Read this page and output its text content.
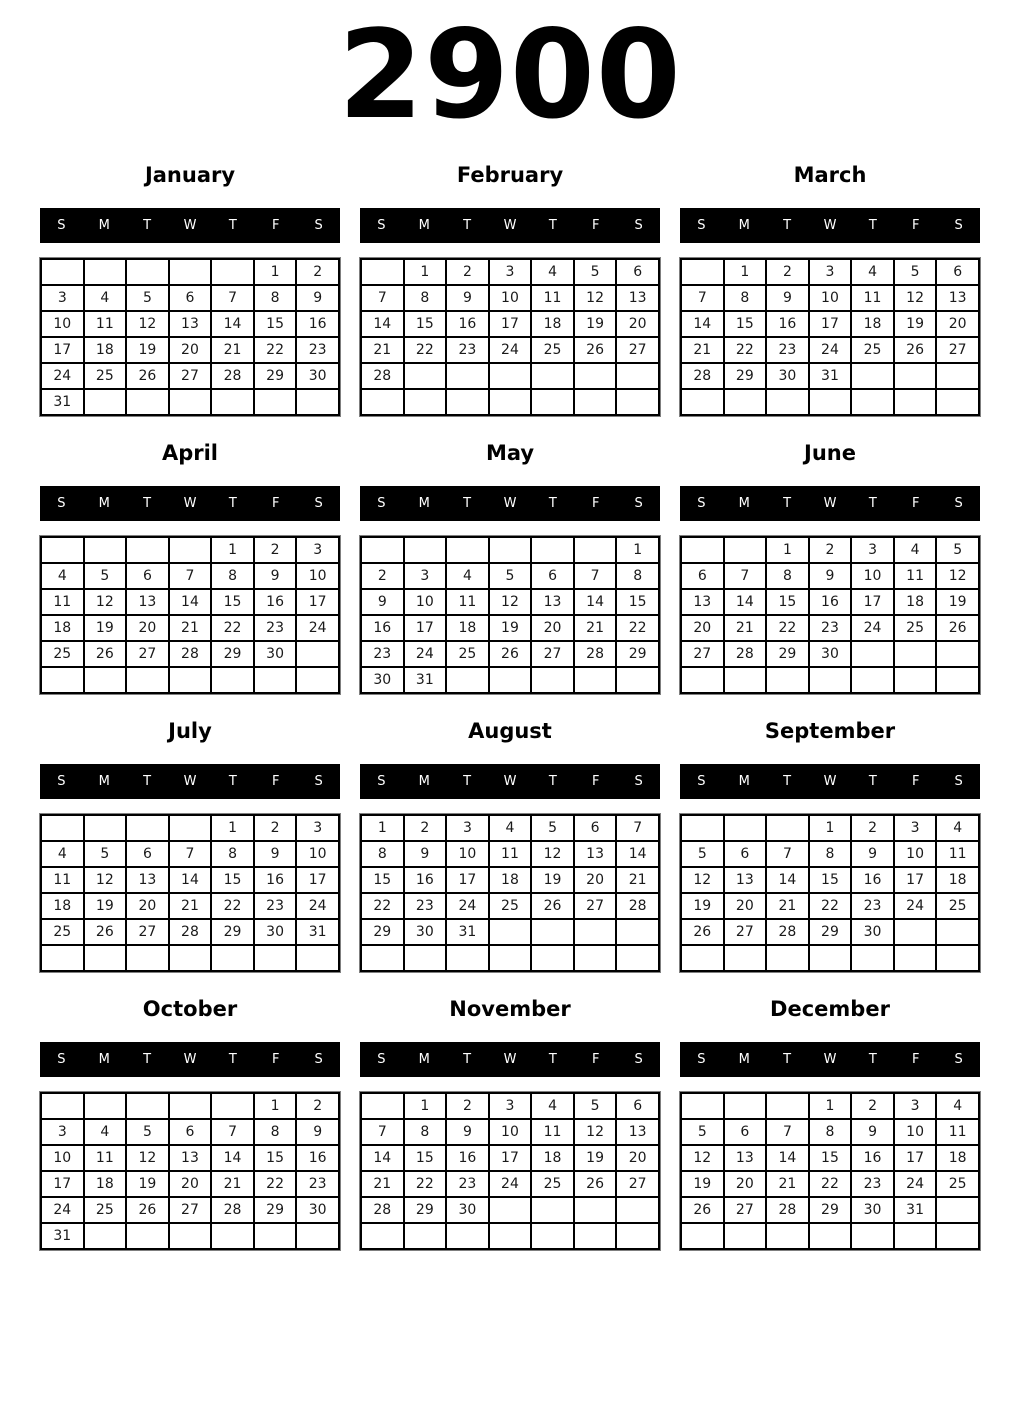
2900
January
S	M	T	W	T	F	S
					1	2
3	4	5	6	7	8	9
10	11	12	13	14	15	16
17	18	19	20	21	22	23
24	25	26	27	28	29	30
31						
February
S	M	T	W	T	F	S
	1	2	3	4	5	6
7	8	9	10	11	12	13
14	15	16	17	18	19	20
21	22	23	24	25	26	27
28						

March
S	M	T	W	T	F	S
	1	2	3	4	5	6
7	8	9	10	11	12	13
14	15	16	17	18	19	20
21	22	23	24	25	26	27
28	29	30	31			

April
S	M	T	W	T	F	S
				1	2	3
4	5	6	7	8	9	10
11	12	13	14	15	16	17
18	19	20	21	22	23	24
25	26	27	28	29	30	

May
S	M	T	W	T	F	S
						1
2	3	4	5	6	7	8
9	10	11	12	13	14	15
16	17	18	19	20	21	22
23	24	25	26	27	28	29
30	31					
June
S	M	T	W	T	F	S
		1	2	3	4	5
6	7	8	9	10	11	12
13	14	15	16	17	18	19
20	21	22	23	24	25	26
27	28	29	30			

July
S	M	T	W	T	F	S
				1	2	3
4	5	6	7	8	9	10
11	12	13	14	15	16	17
18	19	20	21	22	23	24
25	26	27	28	29	30	31

August
S	M	T	W	T	F	S
1	2	3	4	5	6	7
8	9	10	11	12	13	14
15	16	17	18	19	20	21
22	23	24	25	26	27	28
29	30	31				

September
S	M	T	W	T	F	S
			1	2	3	4
5	6	7	8	9	10	11
12	13	14	15	16	17	18
19	20	21	22	23	24	25
26	27	28	29	30		

October
S	M	T	W	T	F	S
					1	2
3	4	5	6	7	8	9
10	11	12	13	14	15	16
17	18	19	20	21	22	23
24	25	26	27	28	29	30
31						
November
S	M	T	W	T	F	S
	1	2	3	4	5	6
7	8	9	10	11	12	13
14	15	16	17	18	19	20
21	22	23	24	25	26	27
28	29	30				

December
S	M	T	W	T	F	S
			1	2	3	4
5	6	7	8	9	10	11
12	13	14	15	16	17	18
19	20	21	22	23	24	25
26	27	28	29	30	31	
